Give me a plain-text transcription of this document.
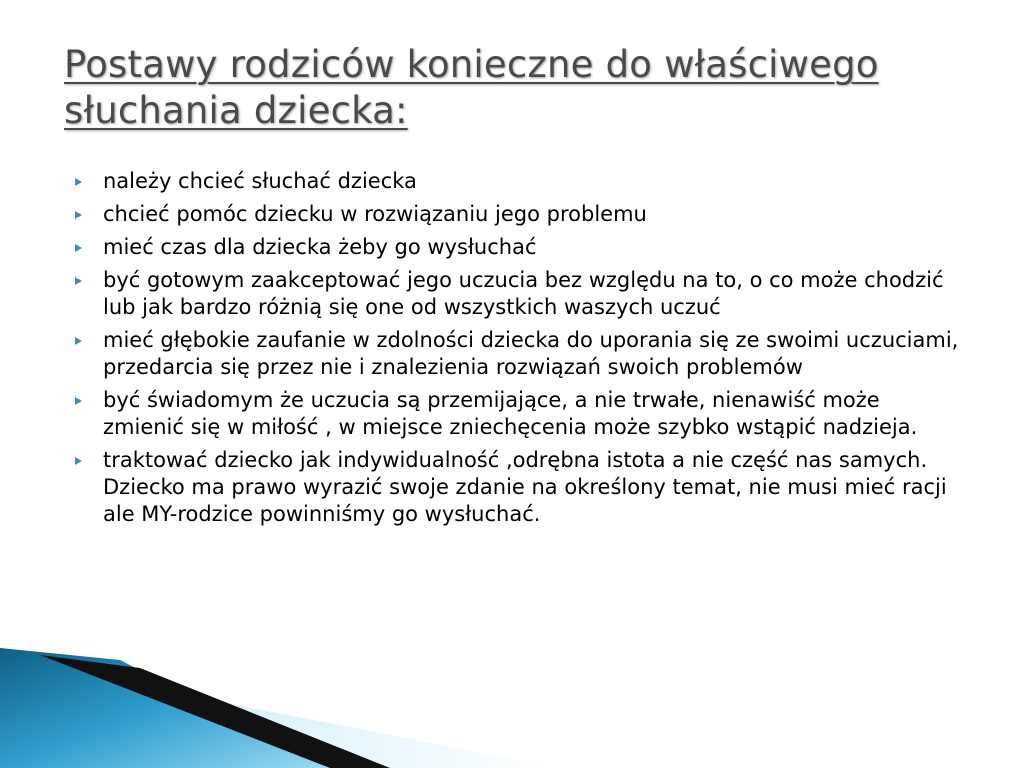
Postawy rodziców konieczne do właściwego słuchania dziecka:
należy chcieć słuchać dziecka
chcieć pomóc dziecku w rozwiązaniu jego problemu
mieć czas dla dziecka żeby go wysłuchać
być gotowym zaakceptować jego uczucia bez względu na to, o co może chodzić lub jak bardzo różnią się one od wszystkich waszych uczuć
mieć głębokie zaufanie w zdolności dziecka do uporania się ze swoimi uczuciami, przedarcia się przez nie i znalezienia rozwiązań swoich problemów
być świadomym że uczucia są przemijające, a nie trwałe, nienawiść może zmienić się w miłość , w miejsce zniechęcenia może szybko wstąpić nadzieja.
traktować dziecko jak indywidualność ,odrębna istota a nie część nas samych. Dziecko ma prawo wyrazić swoje zdanie na określony temat, nie musi mieć racji ale MY-rodzice powinniśmy go wysłuchać.
